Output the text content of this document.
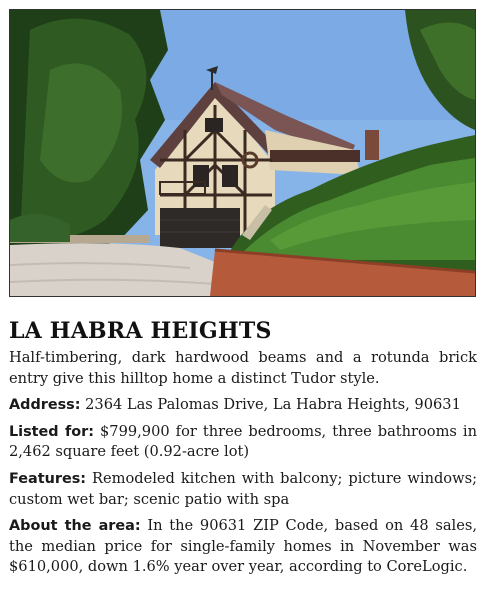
LA HABRA HEIGHTS

Half-timbering, dark hardwood beams and a rotunda brick entry give this hilltop home a distinct Tudor style.

Address: 2364 Las Palomas Drive, La Habra Heights, 90631

Listed for: $799,900 for three bedrooms, three bathrooms in 2,462 square feet (0.92-acre lot)

Features: Remodeled kitchen with balcony; picture windows; custom wet bar; scenic patio with spa

About the area: In the 90631 ZIP Code, based on 48 sales, the median price for single-family homes in November was $610,000, down 1.6% year over year, according to CoreLogic.
